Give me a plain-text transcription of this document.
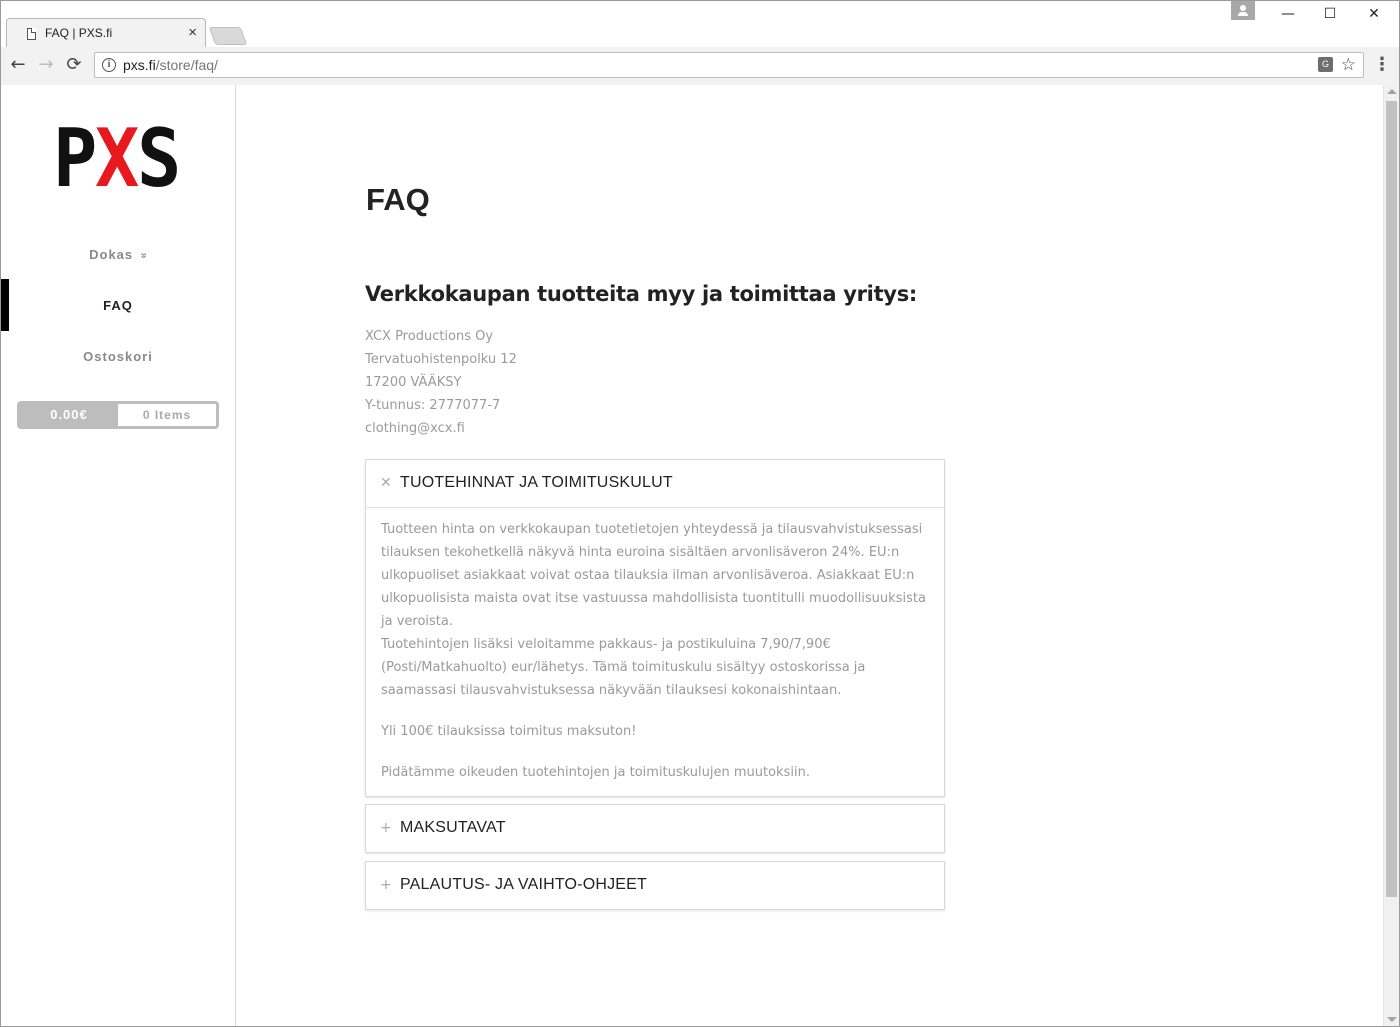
FAQ | PXS.fi	×
—	☐	✕
← → ⟳	i pxs.fi/store/faq/	G ☆ ⋮
PXS
Dokas »
FAQ
Ostoskori
0.00€	0 Items
FAQ
Verkkokaupan tuotteita myy ja toimittaa yritys:
XCX Productions Oy
Tervatuohistenpolku 12
17200 VÄÄKSY
Y-tunnus: 2777077-7
clothing@xcx.fi
✕ TUOTEHINNAT JA TOIMITUSKULUT

Tuotteen hinta on verkkokaupan tuotetietojen yhteydessä ja tilausvahvistuksessasi tilauksen tekohetkellä näkyvä hinta euroina sisältäen arvonlisäveron 24%. EU:n ulkopuoliset asiakkaat voivat ostaa tilauksia ilman arvonlisäveroa. Asiakkaat EU:n ulkopuolisista maista ovat itse vastuussa mahdollisista tuontitulli muodollisuuksista ja veroista.

Tuotehintojen lisäksi veloitamme pakkaus- ja postikuluina 7,90/7,90€ (Posti/Matkahuolto) eur/lähetys. Tämä toimituskulu sisältyy ostoskorissa ja saamassasi tilausvahvistuksessa näkyvään tilauksesi kokonaishintaan.

Yli 100€ tilauksissa toimitus maksuton!

Pidätämme oikeuden tuotehintojen ja toimituskulujen muutoksiin.

+ MAKSUTAVAT
+ PALAUTUS- JA VAIHTO-OHJEET
